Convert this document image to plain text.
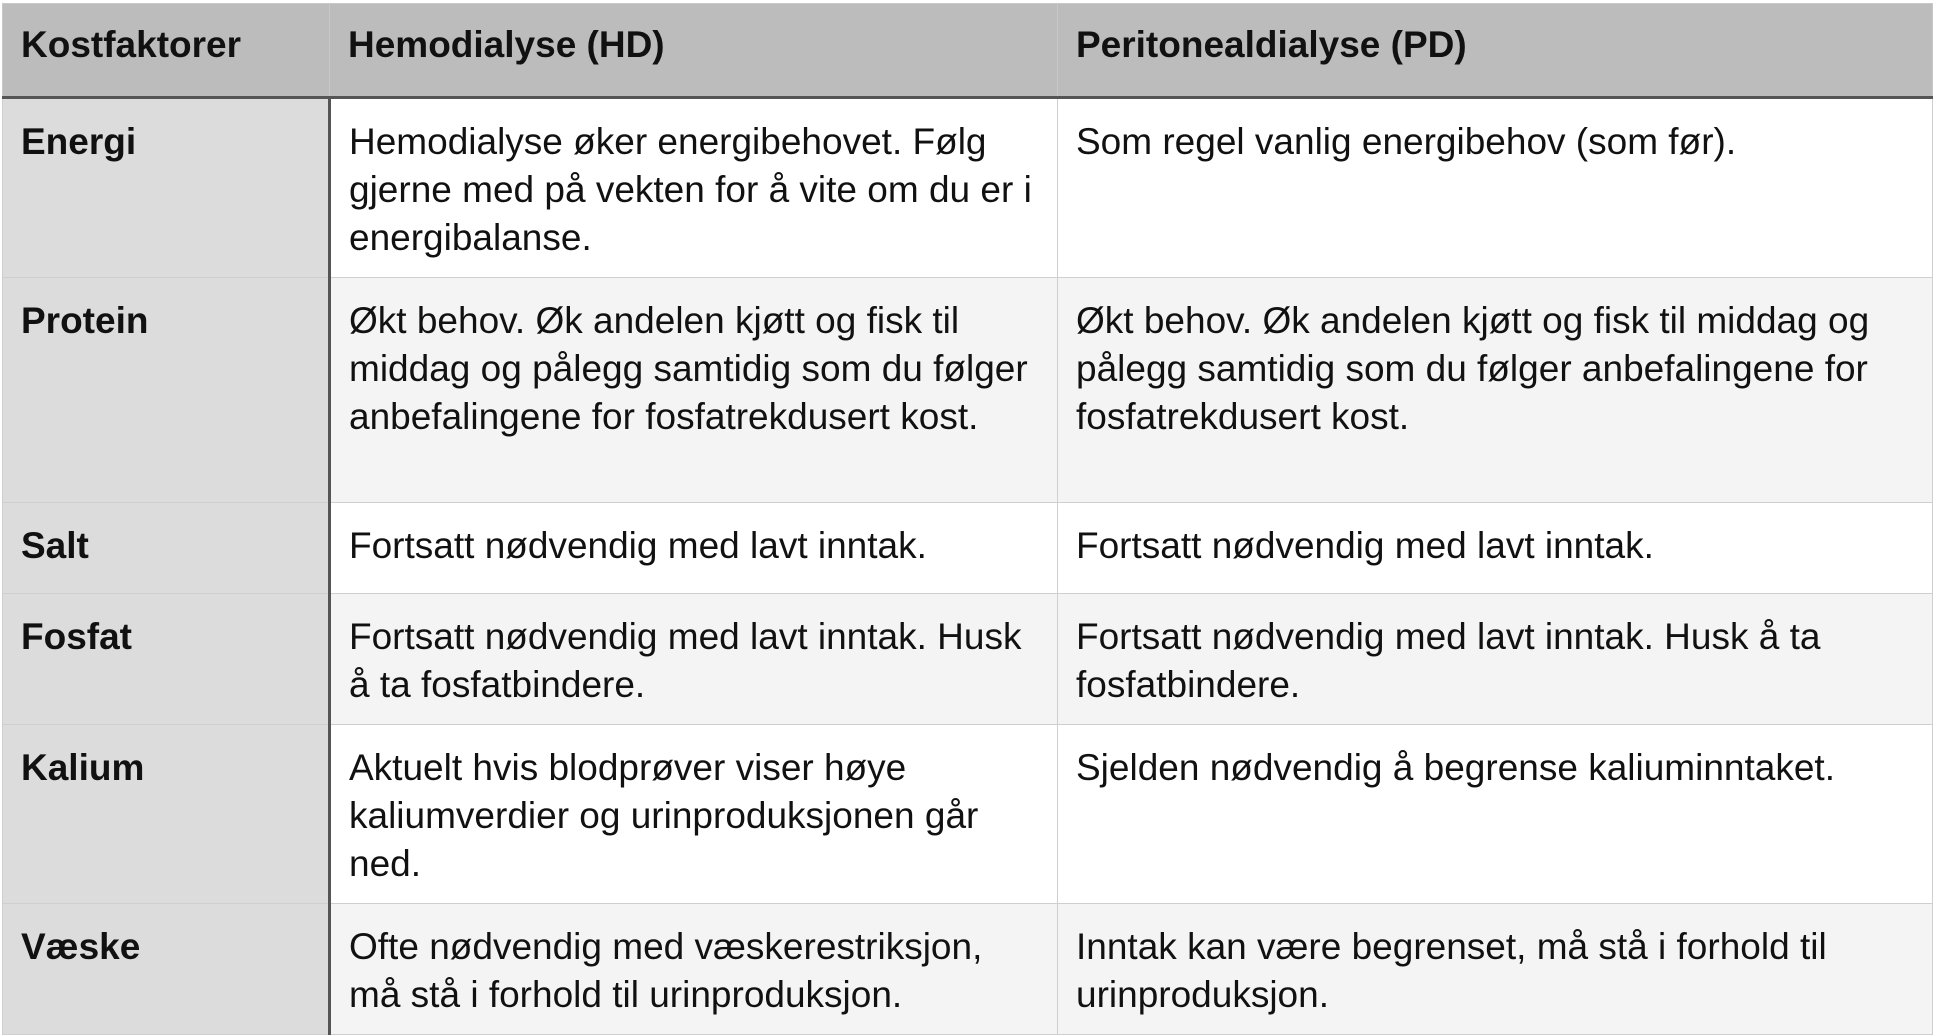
Kostfaktorer	Hemodialyse (HD)	Peritonealdialyse (PD)
Energi	Hemodialyse øker energibehovet. Følg gjerne med på vekten for å vite om du er i energibalanse.	Som regel vanlig energibehov (som før).
Protein	Økt behov. Øk andelen kjøtt og fisk til middag og pålegg samtidig som du følger anbefalingene for fosfatrekdusert kost.	Økt behov. Øk andelen kjøtt og fisk til middag og pålegg samtidig som du følger anbefalingene for fosfatrekdusert kost.
Salt	Fortsatt nødvendig med lavt inntak.	Fortsatt nødvendig med lavt inntak.
Fosfat	Fortsatt nødvendig med lavt inntak. Husk å ta fosfatbindere.	Fortsatt nødvendig med lavt inntak. Husk å ta fosfatbindere.
Kalium	Aktuelt hvis blodprøver viser høye kaliumverdier og urinproduksjonen går ned.	Sjelden nødvendig å begrense kaliuminntaket.
Væske	Ofte nødvendig med væskerestriksjon, må stå i forhold til urinproduksjon.	Inntak kan være begrenset, må stå i forhold til urinproduksjon.
